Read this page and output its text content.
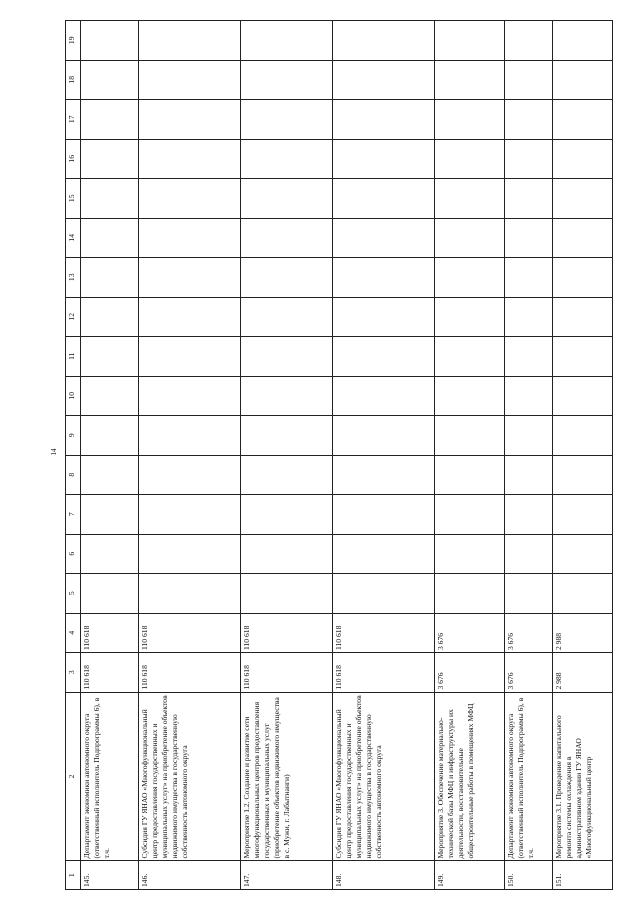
14
1	2	3	4	5	6	7	8	9	10	11	12	13	14	15	16	17	18	19
145.	Департамент экономики автономного округа (ответственный исполнитель Подпрограммы 6), в т.ч.	110 618	110 618															
146.	Субсидия ГУ ЯНАО «Многофункциональный центр предоставления государственных и муниципальных услуг» на приобретение объектов недвижимого имущества в государственную собственность автономного округа	110 618	110 618															
147.	Мероприятие 1.2. Создание и развитие сети многофункциональных центров предоставления государственных и муниципальных услуг (приобретение объектов недвижимого имущества в с. Мужи, г. Лабытнанги)	110 618	110 618															
148.	Субсидия ГУ ЯНАО «Многофункциональный центр предоставления государственных и муниципальных услуг» на приобретение объектов недвижимого имущества в государственную собственность автономного округа	110 618	110 618															
149.	Мероприятие 3. Обеспечение материально-технической базы МФЦ и инфраструктуры их деятельности, восстановительные общестроительные работы в помещениях МФЦ	3 676	3 676															
150.	Департамент экономики автономного округа (ответственный исполнитель Подпрограммы 6), в т.ч.	3 676	3 676															
151.	Мероприятие 3.1. Проведение капитального ремонта системы охлаждения в административном здании ГУ ЯНАО «Многофункциональный центр	2 988	2 988															
